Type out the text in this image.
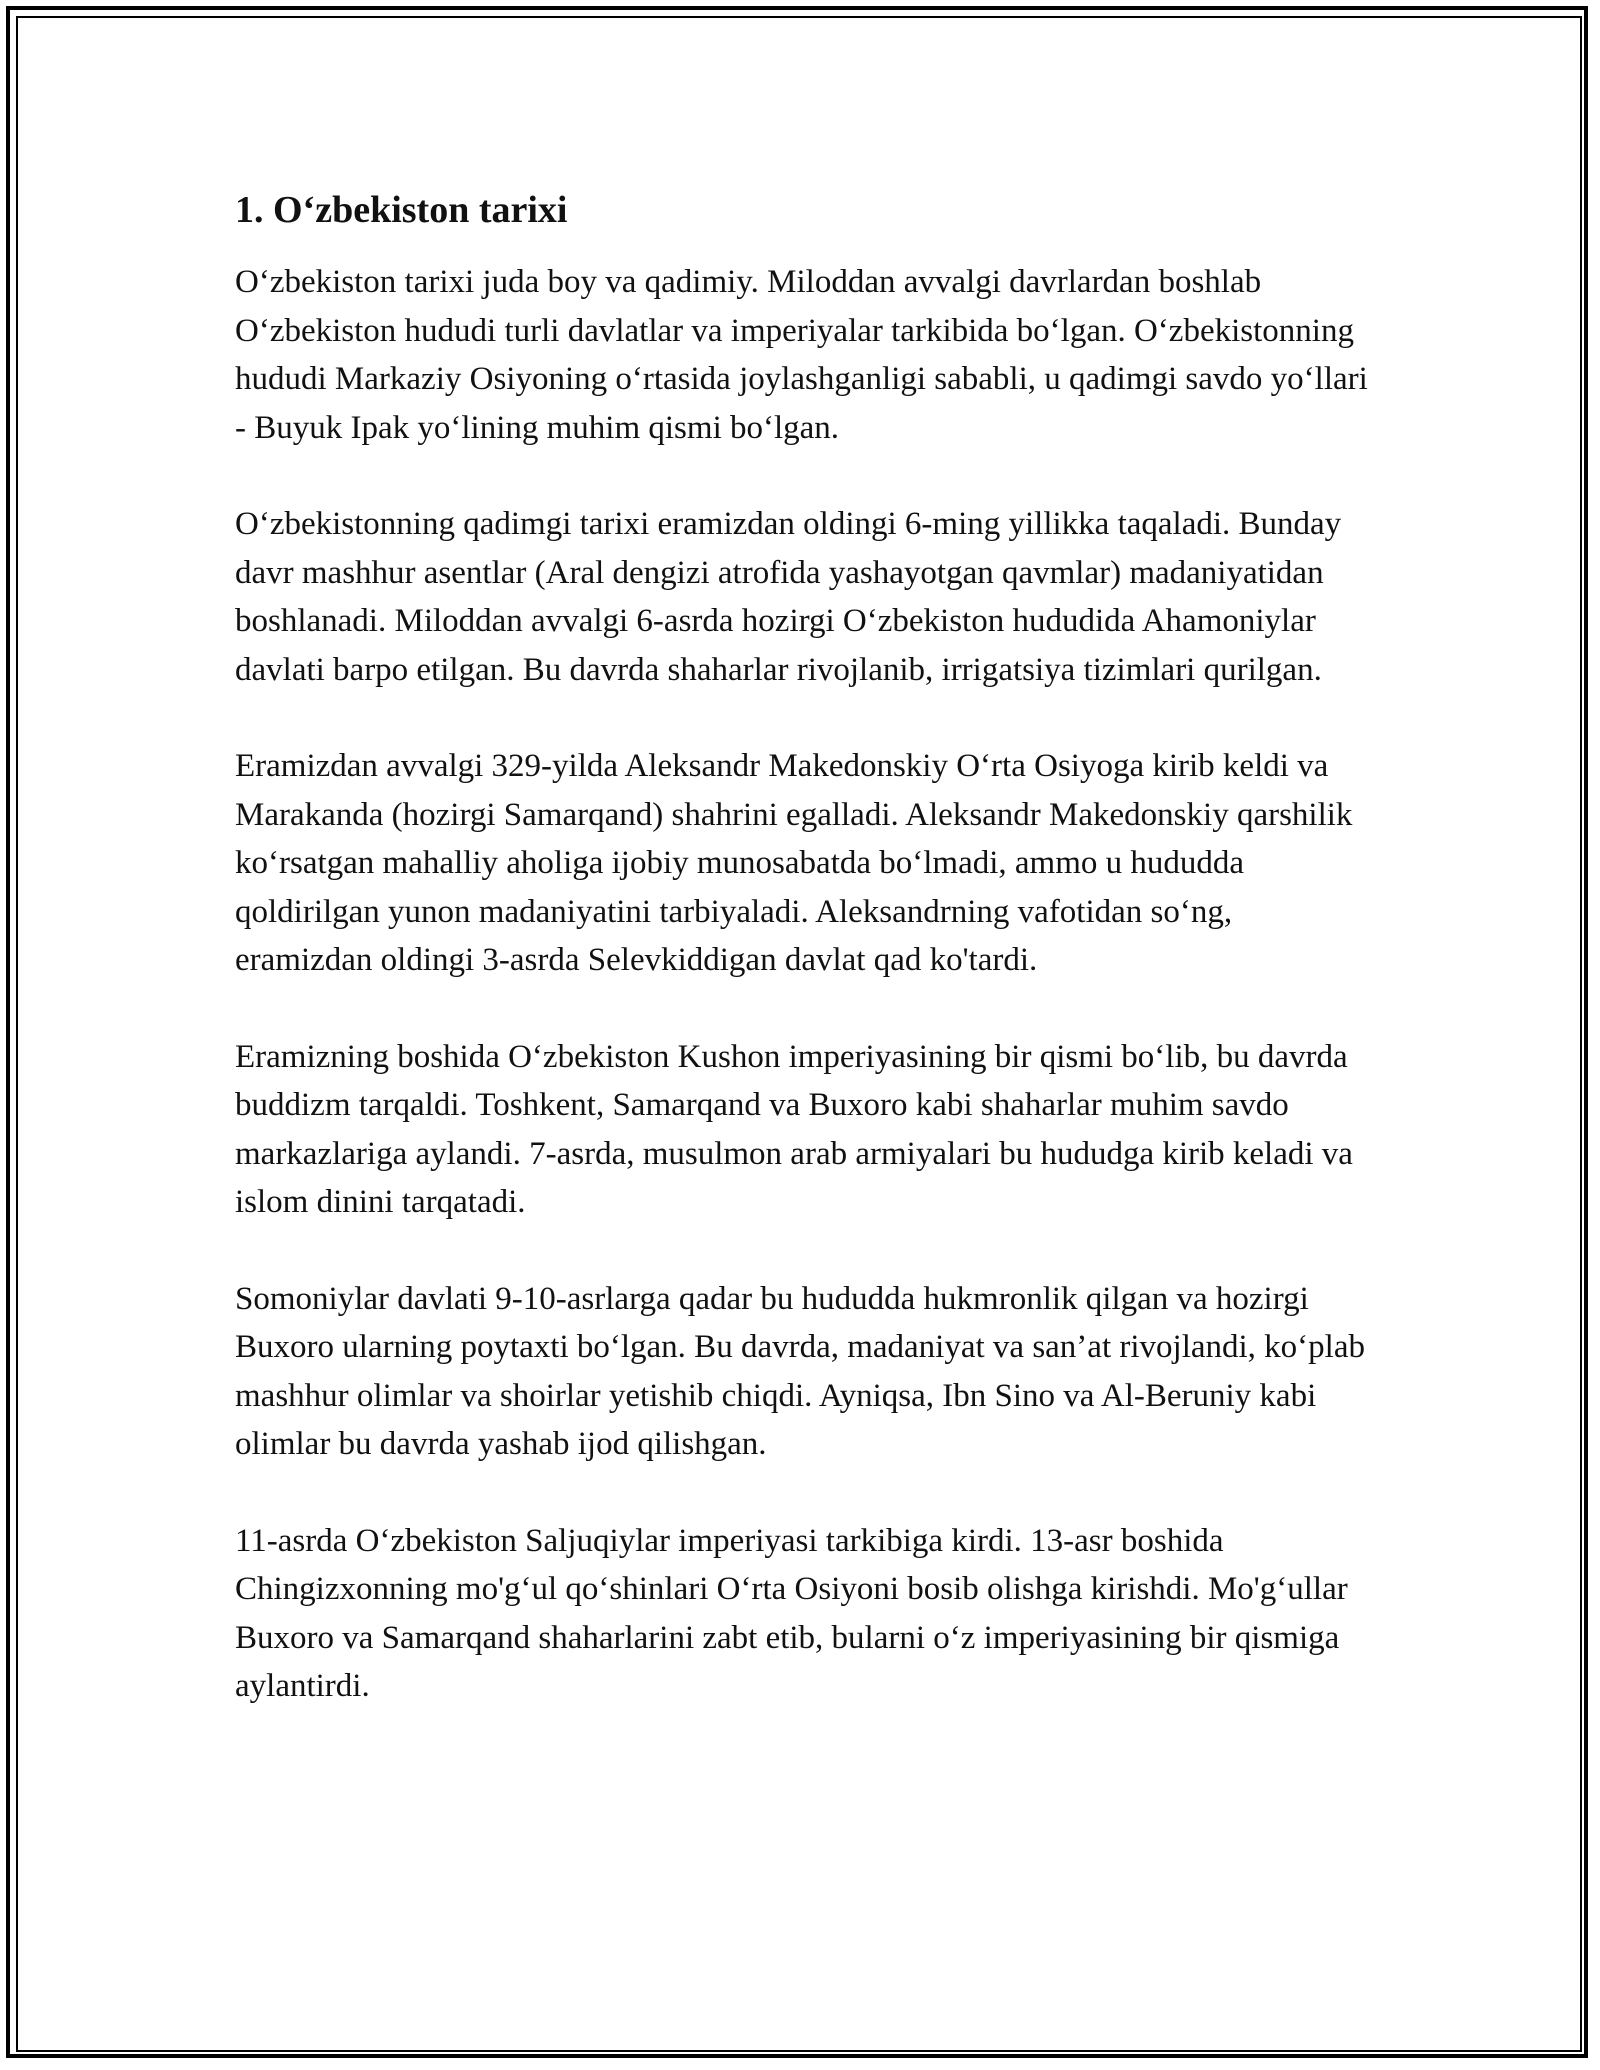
1. O‘zbekiston tarixi

O‘zbekiston tarixi juda boy va qadimiy. Miloddan avvalgi davrlardan boshlab O‘zbekiston hududi turli davlatlar va imperiyalar tarkibida bo‘lgan. O‘zbekistonning hududi Markaziy Osiyoning o‘rtasida joylashganligi sababli, u qadimgi savdo yo‘llari - Buyuk Ipak yo‘lining muhim qismi bo‘lgan.

O‘zbekistonning qadimgi tarixi eramizdan oldingi 6-ming yillikka taqaladi. Bunday davr mashhur asentlar (Aral dengizi atrofida yashayotgan qavmlar) madaniyatidan boshlanadi. Miloddan avvalgi 6-asrda hozirgi O‘zbekiston hududida Ahamoniylar davlati barpo etilgan. Bu davrda shaharlar rivojlanib, irrigatsiya tizimlari qurilgan.

Eramizdan avvalgi 329-yilda Aleksandr Makedonskiy O‘rta Osiyoga kirib keldi va Marakanda (hozirgi Samarqand) shahrini egalladi. Aleksandr Makedonskiy qarshilik ko‘rsatgan mahalliy aholiga ijobiy munosabatda bo‘lmadi, ammo u hududda qoldirilgan yunon madaniyatini tarbiyaladi. Aleksandrning vafotidan so‘ng, eramizdan oldingi 3-asrda Selevkiddigan davlat qad ko'tardi.

Eramizning boshida O‘zbekiston Kushon imperiyasining bir qismi bo‘lib, bu davrda buddizm tarqaldi. Toshkent, Samarqand va Buxoro kabi shaharlar muhim savdo markazlariga aylandi. 7-asrda, musulmon arab armiyalari bu hududga kirib keladi va islom dinini tarqatadi.

Somoniylar davlati 9-10-asrlarga qadar bu hududda hukmronlik qilgan va hozirgi Buxoro ularning poytaxti bo‘lgan. Bu davrda, madaniyat va san’at rivojlandi, ko‘plab mashhur olimlar va shoirlar yetishib chiqdi. Ayniqsa, Ibn Sino va Al-Beruniy kabi olimlar bu davrda yashab ijod qilishgan.

11-asrda O‘zbekiston Saljuqiylar imperiyasi tarkibiga kirdi. 13-asr boshida Chingizxonning mo'g‘ul qo‘shinlari O‘rta Osiyoni bosib olishga kirishdi. Mo'g‘ullar Buxoro va Samarqand shaharlarini zabt etib, bularni o‘z imperiyasining bir qismiga aylantirdi.
